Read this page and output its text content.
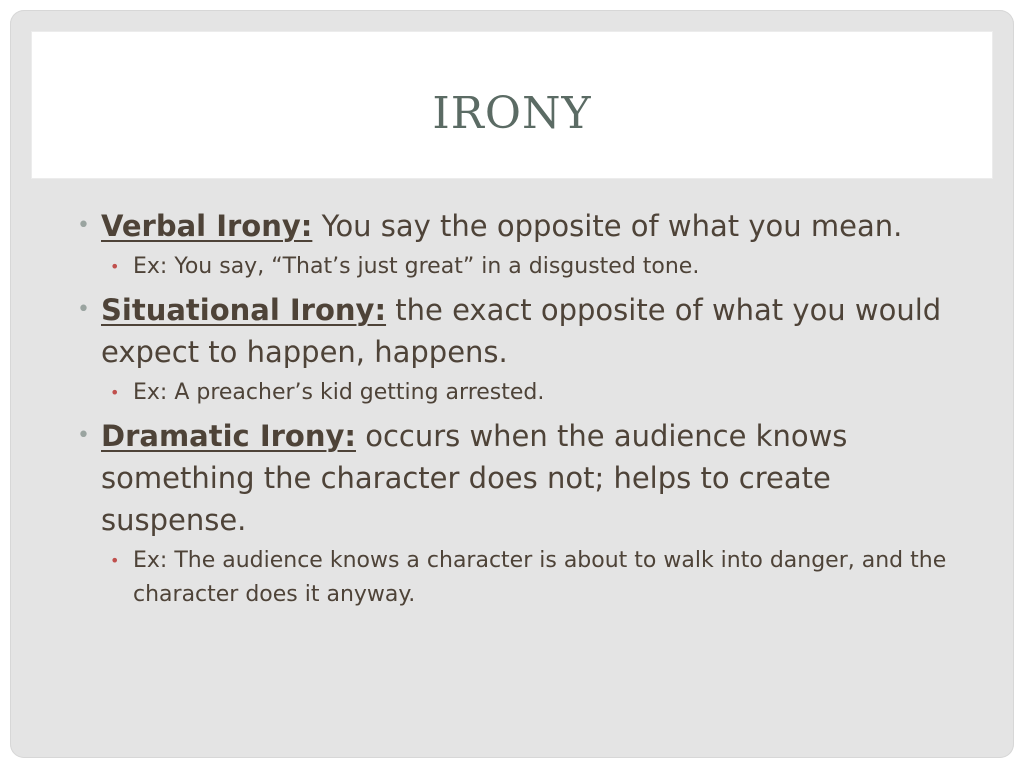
IRONY
• Verbal Irony: You say the opposite of what you mean.
• Ex: You say, “That’s just great” in a disgusted tone.
• Situational Irony: the exact opposite of what you would expect to happen, happens.
• Ex: A preacher’s kid getting arrested.
• Dramatic Irony: occurs when the audience knows something the character does not; helps to create suspense.
• Ex: The audience knows a character is about to walk into danger, and the character does it anyway.
